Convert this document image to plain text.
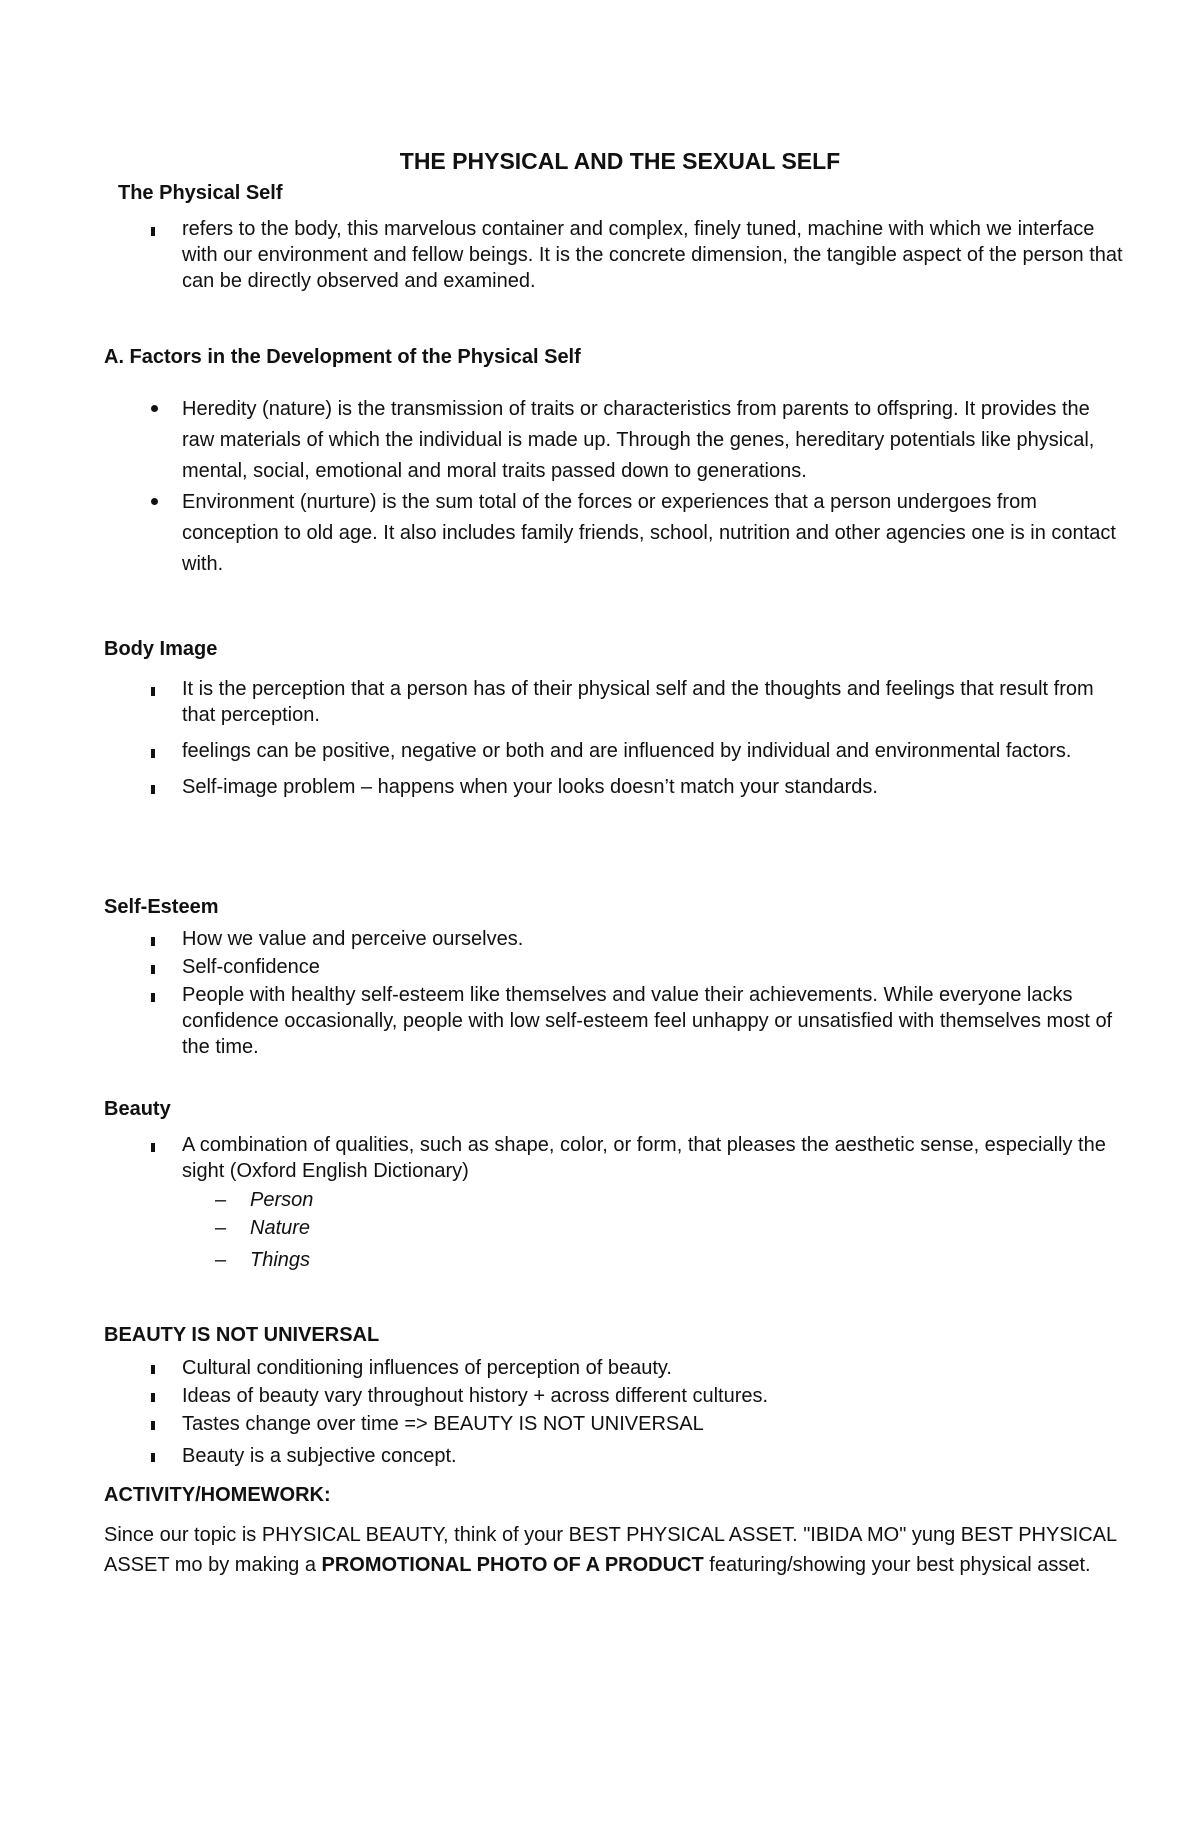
THE PHYSICAL AND THE SEXUAL SELF
The Physical Self
refers to the body, this marvelous container and complex, finely tuned, machine with which we interface with our environment and fellow beings. It is the concrete dimension, the tangible aspect of the person that can be directly observed and examined.
A. Factors in the Development of the Physical Self
Heredity (nature) is the transmission of traits or characteristics from parents to offspring. It provides the raw materials of which the individual is made up. Through the genes, hereditary potentials like physical, mental, social, emotional and moral traits passed down to generations.
Environment (nurture) is the sum total of the forces or experiences that a person undergoes from conception to old age. It also includes family friends, school, nutrition and other agencies one is in contact with.
Body Image
It is the perception that a person has of their physical self and the thoughts and feelings that result from that perception.
feelings can be positive, negative or both and are influenced by individual and environmental factors.
Self-image problem – happens when your looks doesn’t match your standards.
Self-Esteem
How we value and perceive ourselves.
Self-confidence
People with healthy self-esteem like themselves and value their achievements. While everyone lacks confidence occasionally, people with low self-esteem feel unhappy or unsatisfied with themselves most of the time.
Beauty
A combination of qualities, such as shape, color, or form, that pleases the aesthetic sense, especially the sight (Oxford English Dictionary)
– Person
– Nature
– Things
BEAUTY IS NOT UNIVERSAL
Cultural conditioning influences of perception of beauty.
Ideas of beauty vary throughout history + across different cultures.
Tastes change over time => BEAUTY IS NOT UNIVERSAL
Beauty is a subjective concept.
ACTIVITY/HOMEWORK:

Since our topic is PHYSICAL BEAUTY, think of your BEST PHYSICAL ASSET. "IBIDA MO" yung BEST PHYSICAL ASSET mo by making a PROMOTIONAL PHOTO OF A PRODUCT featuring/showing your best physical asset.
